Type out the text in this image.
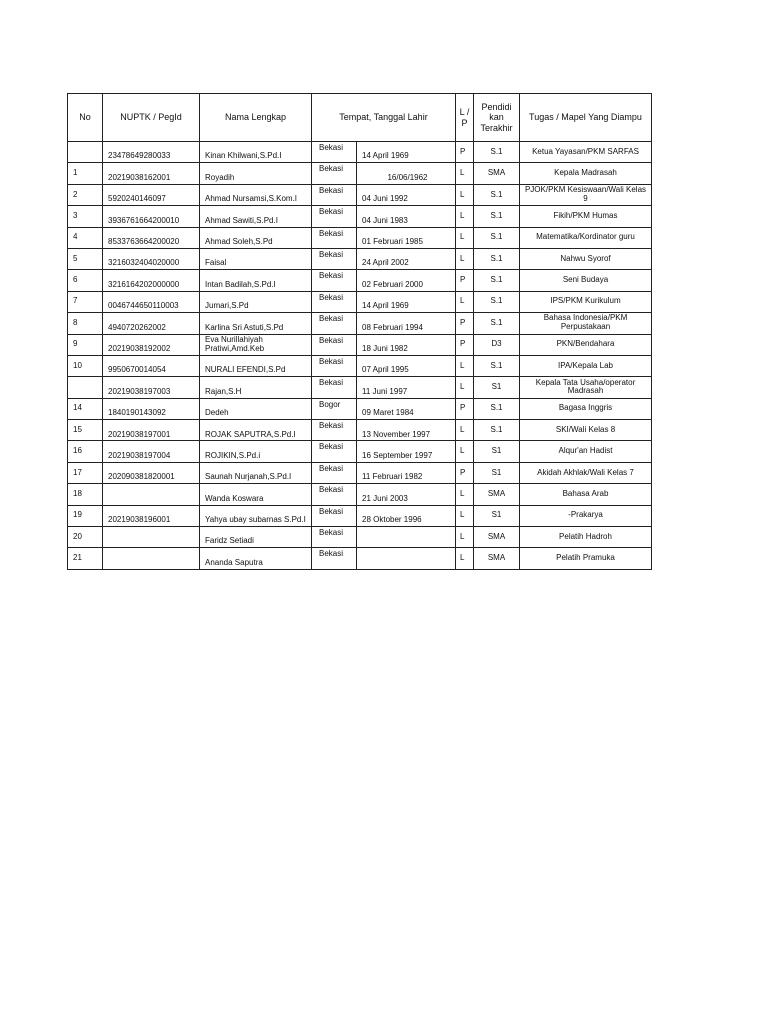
No	NUPTK / PegId	Nama Lengkap	Tempat, Tanggal Lahir		L / P	Pendidi kan Terakhir	Tugas / Mapel Yang Diampu
	23478649280033	Kinan Khilwani,S.Pd.I	Bekasi	14 April 1969	P	S.1	Ketua Yayasan/PKM SARFAS
1	20219038162001	Royadih	Bekasi	16/06/1962	L	SMA	Kepala Madrasah
2	5920240146097	Ahmad Nursamsi,S.Kom.I	Bekasi	04 Juni 1992	L	S.1	PJOK/PKM Kesiswaan/Wali Kelas 9
3	3936761664200010	Ahmad Sawiti,S.Pd.I	Bekasi	04 Juni 1983	L	S.1	Fikih/PKM Humas
4	8533763664200020	Ahmad Soleh,S.Pd	Bekasi	01 Februari 1985	L	S.1	Matematika/Kordinator guru
5	3216032404020000	Faisal	Bekasi	24 April 2002	L	S.1	Nahwu Syorof
6	3216164202000000	Intan Badilah,S.Pd.I	Bekasi	02 Februari 2000	P	S.1	Seni Budaya
7	0046744650110003	Jumari,S.Pd	Bekasi	14 April 1969	L	S.1	IPS/PKM Kurikulum
8	4940720262002	Karlina Sri Astuti,S.Pd	Bekasi	08 Februari 1994	P	S.1	Bahasa Indonesia/PKM Perpustakaan
9	20219038192002	Eva Nurillahiyah Pratiwi,Amd.Keb	Bekasi	18 Juni 1982	P	D3	PKN/Bendahara
10	9950670014054	NURALI EFENDI,S.Pd	Bekasi	07 April 1995	L	S.1	IPA/Kepala Lab
	20219038197003	Rajan,S.H	Bekasi	11 Juni 1997	L	S1	Kepala Tata Usaha/operator Madrasah
14	1840190143092	Dedeh	Bogor	09 Maret 1984	P	S.1	Bagasa Inggris
15	20219038197001	ROJAK SAPUTRA,S.Pd.I	Bekasi	13 November 1997	L	S.1	SKI/Wali Kelas 8
16	20219038197004	ROJIKIN,S.Pd.i	Bekasi	16 September 1997	L	S1	Alqur'an Hadist
17	202090381820001	Saunah Nurjanah,S.Pd.I	Bekasi	11 Februari 1982	P	S1	Akidah Akhlak/Wali Kelas 7
18		Wanda Koswara	Bekasi	21 Juni 2003	L	SMA	Bahasa Arab
19	20219038196001	Yahya ubay subarnas S.Pd.I	Bekasi	28 Oktober 1996	L	S1	-Prakarya
20		Faridz Setiadi	Bekasi		L	SMA	Pelatih Hadroh
21		Ananda Saputra	Bekasi		L	SMA	Pelatih Pramuka
